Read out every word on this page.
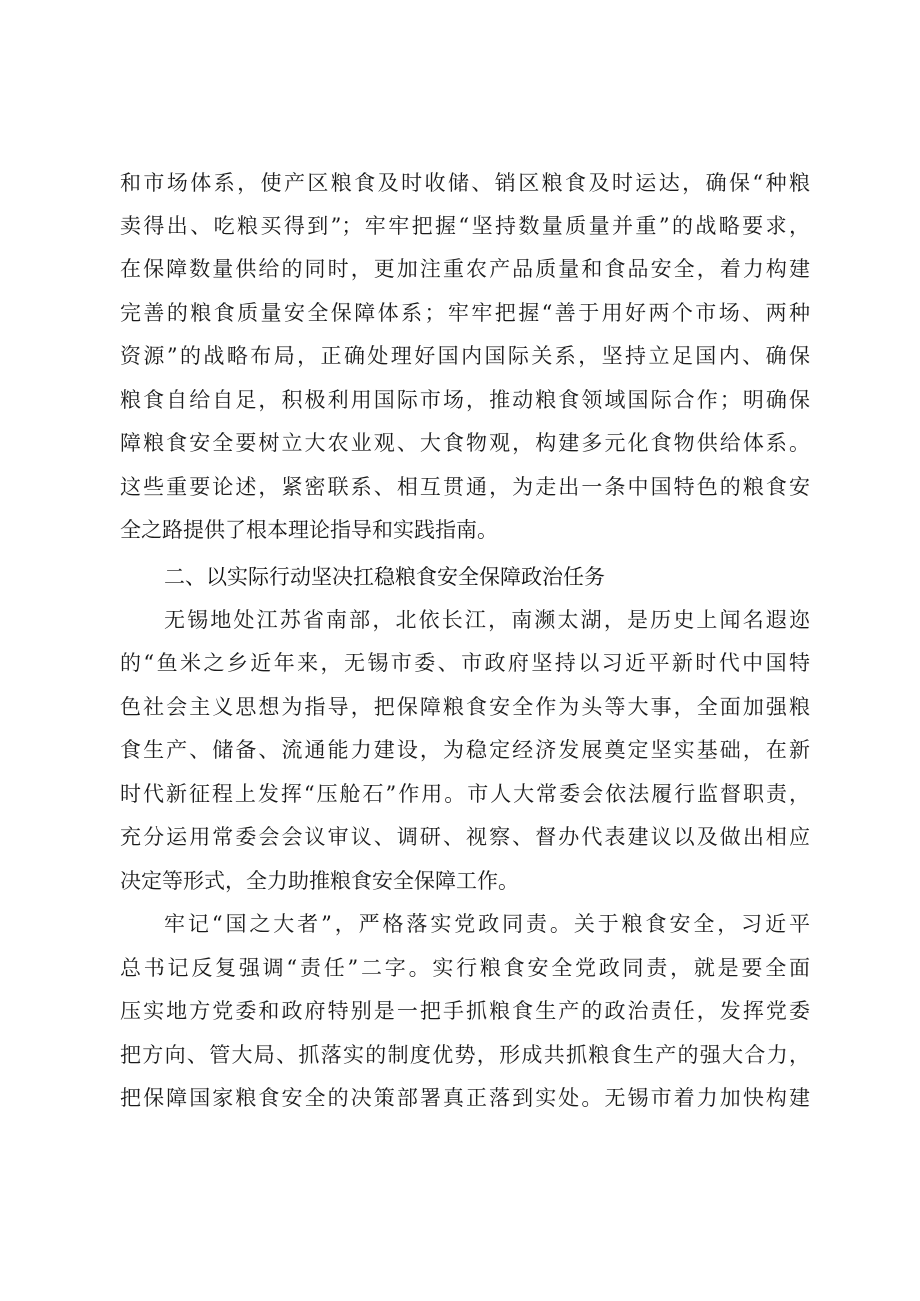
和市场体系，使产区粮食及时收储、销区粮食及时运达，确保“种粮
卖得出、吃粮买得到”；牢牢把握“坚持数量质量并重”的战略要求，
在保障数量供给的同时，更加注重农产品质量和食品安全，着力构建
完善的粮食质量安全保障体系；牢牢把握“善于用好两个市场、两种
资源”的战略布局，正确处理好国内国际关系，坚持立足国内、确保
粮食自给自足，积极利用国际市场，推动粮食领域国际合作；明确保
障粮食安全要树立大农业观、大食物观，构建多元化食物供给体系。
这些重要论述，紧密联系、相互贯通，为走出一条中国特色的粮食安
全之路提供了根本理论指导和实践指南。
二、以实际行动坚决扛稳粮食安全保障政治任务
无锡地处江苏省南部，北依长江，南濒太湖，是历史上闻名遐迩
的“鱼米之乡近年来，无锡市委、市政府坚持以习近平新时代中国特
色社会主义思想为指导，把保障粮食安全作为头等大事，全面加强粮
食生产、储备、流通能力建设，为稳定经济发展奠定坚实基础，在新
时代新征程上发挥“压舱石”作用。市人大常委会依法履行监督职责，
充分运用常委会会议审议、调研、视察、督办代表建议以及做出相应
决定等形式，全力助推粮食安全保障工作。
牢记“国之大者”，严格落实党政同责。关于粮食安全，习近平
总书记反复强调“责任”二字。实行粮食安全党政同责，就是要全面
压实地方党委和政府特别是一把手抓粮食生产的政治责任，发挥党委
把方向、管大局、抓落实的制度优势，形成共抓粮食生产的强大合力，
把保障国家粮食安全的决策部署真正落到实处。无锡市着力加快构建
